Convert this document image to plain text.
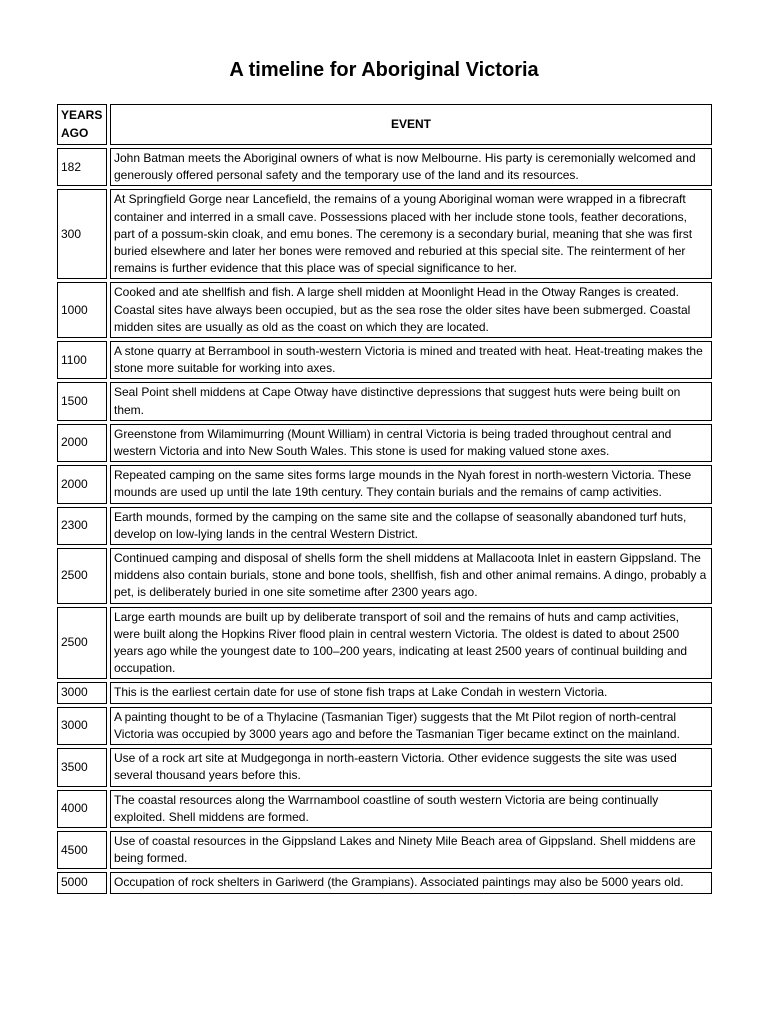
A timeline for Aboriginal Victoria
YEARS AGO		EVENT
182		John Batman meets the Aboriginal owners of what is now Melbourne. His party is ceremonially welcomed and generously offered personal safety and the temporary use of the land and its resources.
300		At Springfield Gorge near Lancefield, the remains of a young Aboriginal woman were wrapped in a fibrecraft container and interred in a small cave. Possessions placed with her include stone tools, feather decorations, part of a possum-skin cloak, and emu bones. The ceremony is a secondary burial, meaning that she was first buried elsewhere and later her bones were removed and reburied at this special site. The reinterment of her remains is further evidence that this place was of special significance to her.
1000		Cooked and ate shellfish and fish. A large shell midden at Moonlight Head in the Otway Ranges is created. Coastal sites have always been occupied, but as the sea rose the older sites have been submerged. Coastal midden sites are usually as old as the coast on which they are located.
1100		A stone quarry at Berrambool in south-western Victoria is mined and treated with heat. Heat-treating makes the stone more suitable for working into axes.
1500		Seal Point shell middens at Cape Otway have distinctive depressions that suggest huts were being built on them.
2000		Greenstone from Wilamimurring (Mount William) in central Victoria is being traded throughout central and western Victoria and into New South Wales. This stone is used for making valued stone axes.
2000		Repeated camping on the same sites forms large mounds in the Nyah forest in north-western Victoria. These mounds are used up until the late 19th century. They contain burials and the remains of camp activities.
2300		Earth mounds, formed by the camping on the same site and the collapse of seasonally abandoned turf huts, develop on low-lying lands in the central Western District.
2500		Continued camping and disposal of shells form the shell middens at Mallacoota Inlet in eastern Gippsland. The middens also contain burials, stone and bone tools, shellfish, fish and other animal remains. A dingo, probably a pet, is deliberately buried in one site sometime after 2300 years ago.
2500		Large earth mounds are built up by deliberate transport of soil and the remains of huts and camp activities, were built along the Hopkins River flood plain in central western Victoria. The oldest is dated to about 2500 years ago while the youngest date to 100–200 years, indicating at least 2500 years of continual building and occupation.
3000		This is the earliest certain date for use of stone fish traps at Lake Condah in western Victoria.
3000		A painting thought to be of a Thylacine (Tasmanian Tiger) suggests that the Mt Pilot region of north-central Victoria was occupied by 3000 years ago and before the Tasmanian Tiger became extinct on the mainland.
3500		Use of a rock art site at Mudgegonga in north-eastern Victoria. Other evidence suggests the site was used several thousand years before this.
4000		The coastal resources along the Warrnambool coastline of south western Victoria are being continually exploited. Shell middens are formed.
4500		Use of coastal resources in the Gippsland Lakes and Ninety Mile Beach area of Gippsland. Shell middens are being formed.
5000		Occupation of rock shelters in Gariwerd (the Grampians). Associated paintings may also be 5000 years old.
